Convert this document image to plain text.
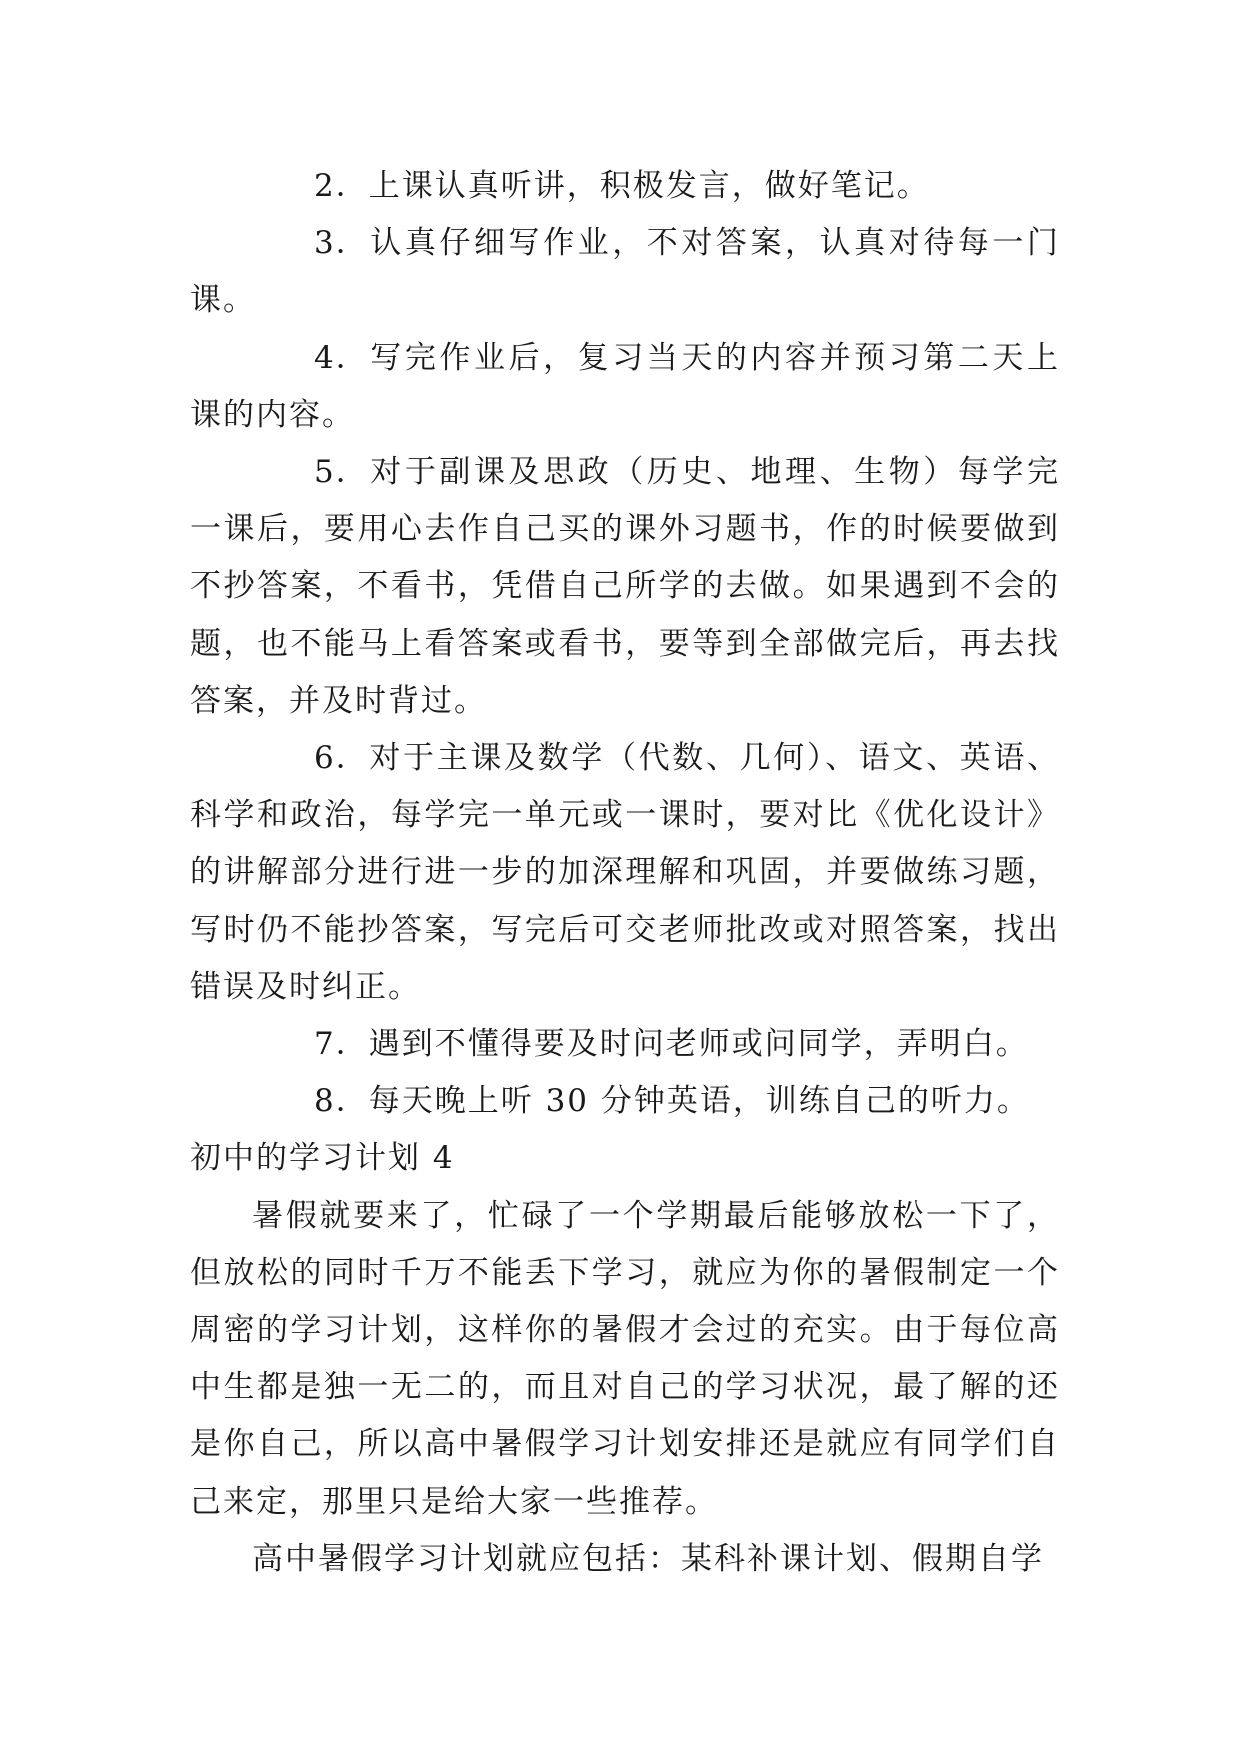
2．上课认真听讲，积极发言，做好笔记。

3．认真仔细写作业，不对答案，认真对待每一门课。

4．写完作业后，复习当天的内容并预习第二天上课的内容。

5．对于副课及思政（历史、地理、生物）每学完一课后，要用心去作自己买的课外习题书，作的时候要做到不抄答案，不看书，凭借自己所学的去做。如果遇到不会的题，也不能马上看答案或看书，要等到全部做完后，再去找答案，并及时背过。

6．对于主课及数学（代数、几何）、语文、英语、科学和政治，每学完一单元或一课时，要对比《优化设计》的讲解部分进行进一步的加深理解和巩固，并要做练习题，写时仍不能抄答案，写完后可交老师批改或对照答案，找出错误及时纠正。

7．遇到不懂得要及时问老师或问同学，弄明白。

8．每天晚上听 30 分钟英语，训练自己的听力。

初中的学习计划 4

暑假就要来了，忙碌了一个学期最后能够放松一下了，但放松的同时千万不能丢下学习，就应为你的暑假制定一个周密的学习计划，这样你的暑假才会过的充实。由于每位高中生都是独一无二的，而且对自己的学习状况，最了解的还是你自己，所以高中暑假学习计划安排还是就应有同学们自己来定，那里只是给大家一些推荐。

高中暑假学习计划就应包括：某科补课计划、假期自学
